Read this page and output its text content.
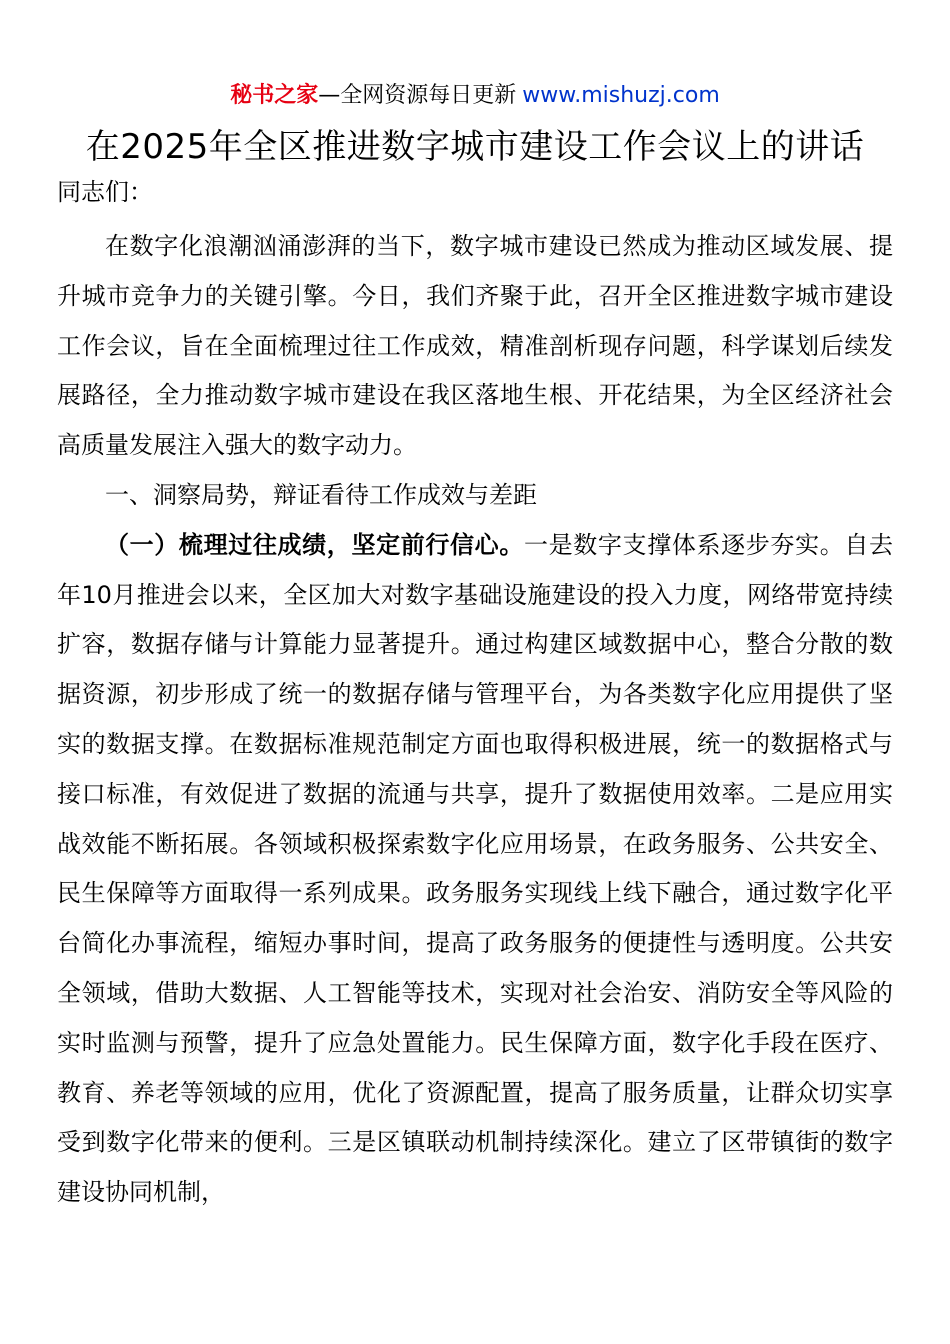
秘书之家—全网资源每日更新 www.mishuzj.com
在2025年全区推进数字城市建设工作会议上的讲话
同志们：

在数字化浪潮汹涌澎湃的当下，数字城市建设已然成为推动区域发展、提升城市竞争力的关键引擎。今日，我们齐聚于此，召开全区推进数字城市建设工作会议，旨在全面梳理过往工作成效，精准剖析现存问题，科学谋划后续发展路径，全力推动数字城市建设在我区落地生根、开花结果，为全区经济社会高质量发展注入强大的数字动力。

一、洞察局势，辩证看待工作成效与差距

（一）梳理过往成绩，坚定前行信心。一是数字支撑体系逐步夯实。自去年10月推进会以来，全区加大对数字基础设施建设的投入力度，网络带宽持续扩容，数据存储与计算能力显著提升。通过构建区域数据中心，整合分散的数据资源，初步形成了统一的数据存储与管理平台，为各类数字化应用提供了坚实的数据支撑。在数据标准规范制定方面也取得积极进展，统一的数据格式与接口标准，有效促进了数据的流通与共享，提升了数据使用效率。二是应用实战效能不断拓展。各领域积极探索数字化应用场景，在政务服务、公共安全、民生保障等方面取得一系列成果。政务服务实现线上线下融合，通过数字化平台简化办事流程，缩短办事时间，提高了政务服务的便捷性与透明度。公共安全领域，借助大数据、人工智能等技术，实现对社会治安、消防安全等风险的实时监测与预警，提升了应急处置能力。民生保障方面，数字化手段在医疗、教育、养老等领域的应用，优化了资源配置，提高了服务质量，让群众切实享受到数字化带来的便利。三是区镇联动机制持续深化。建立了区带镇街的数字建设协同机制，
